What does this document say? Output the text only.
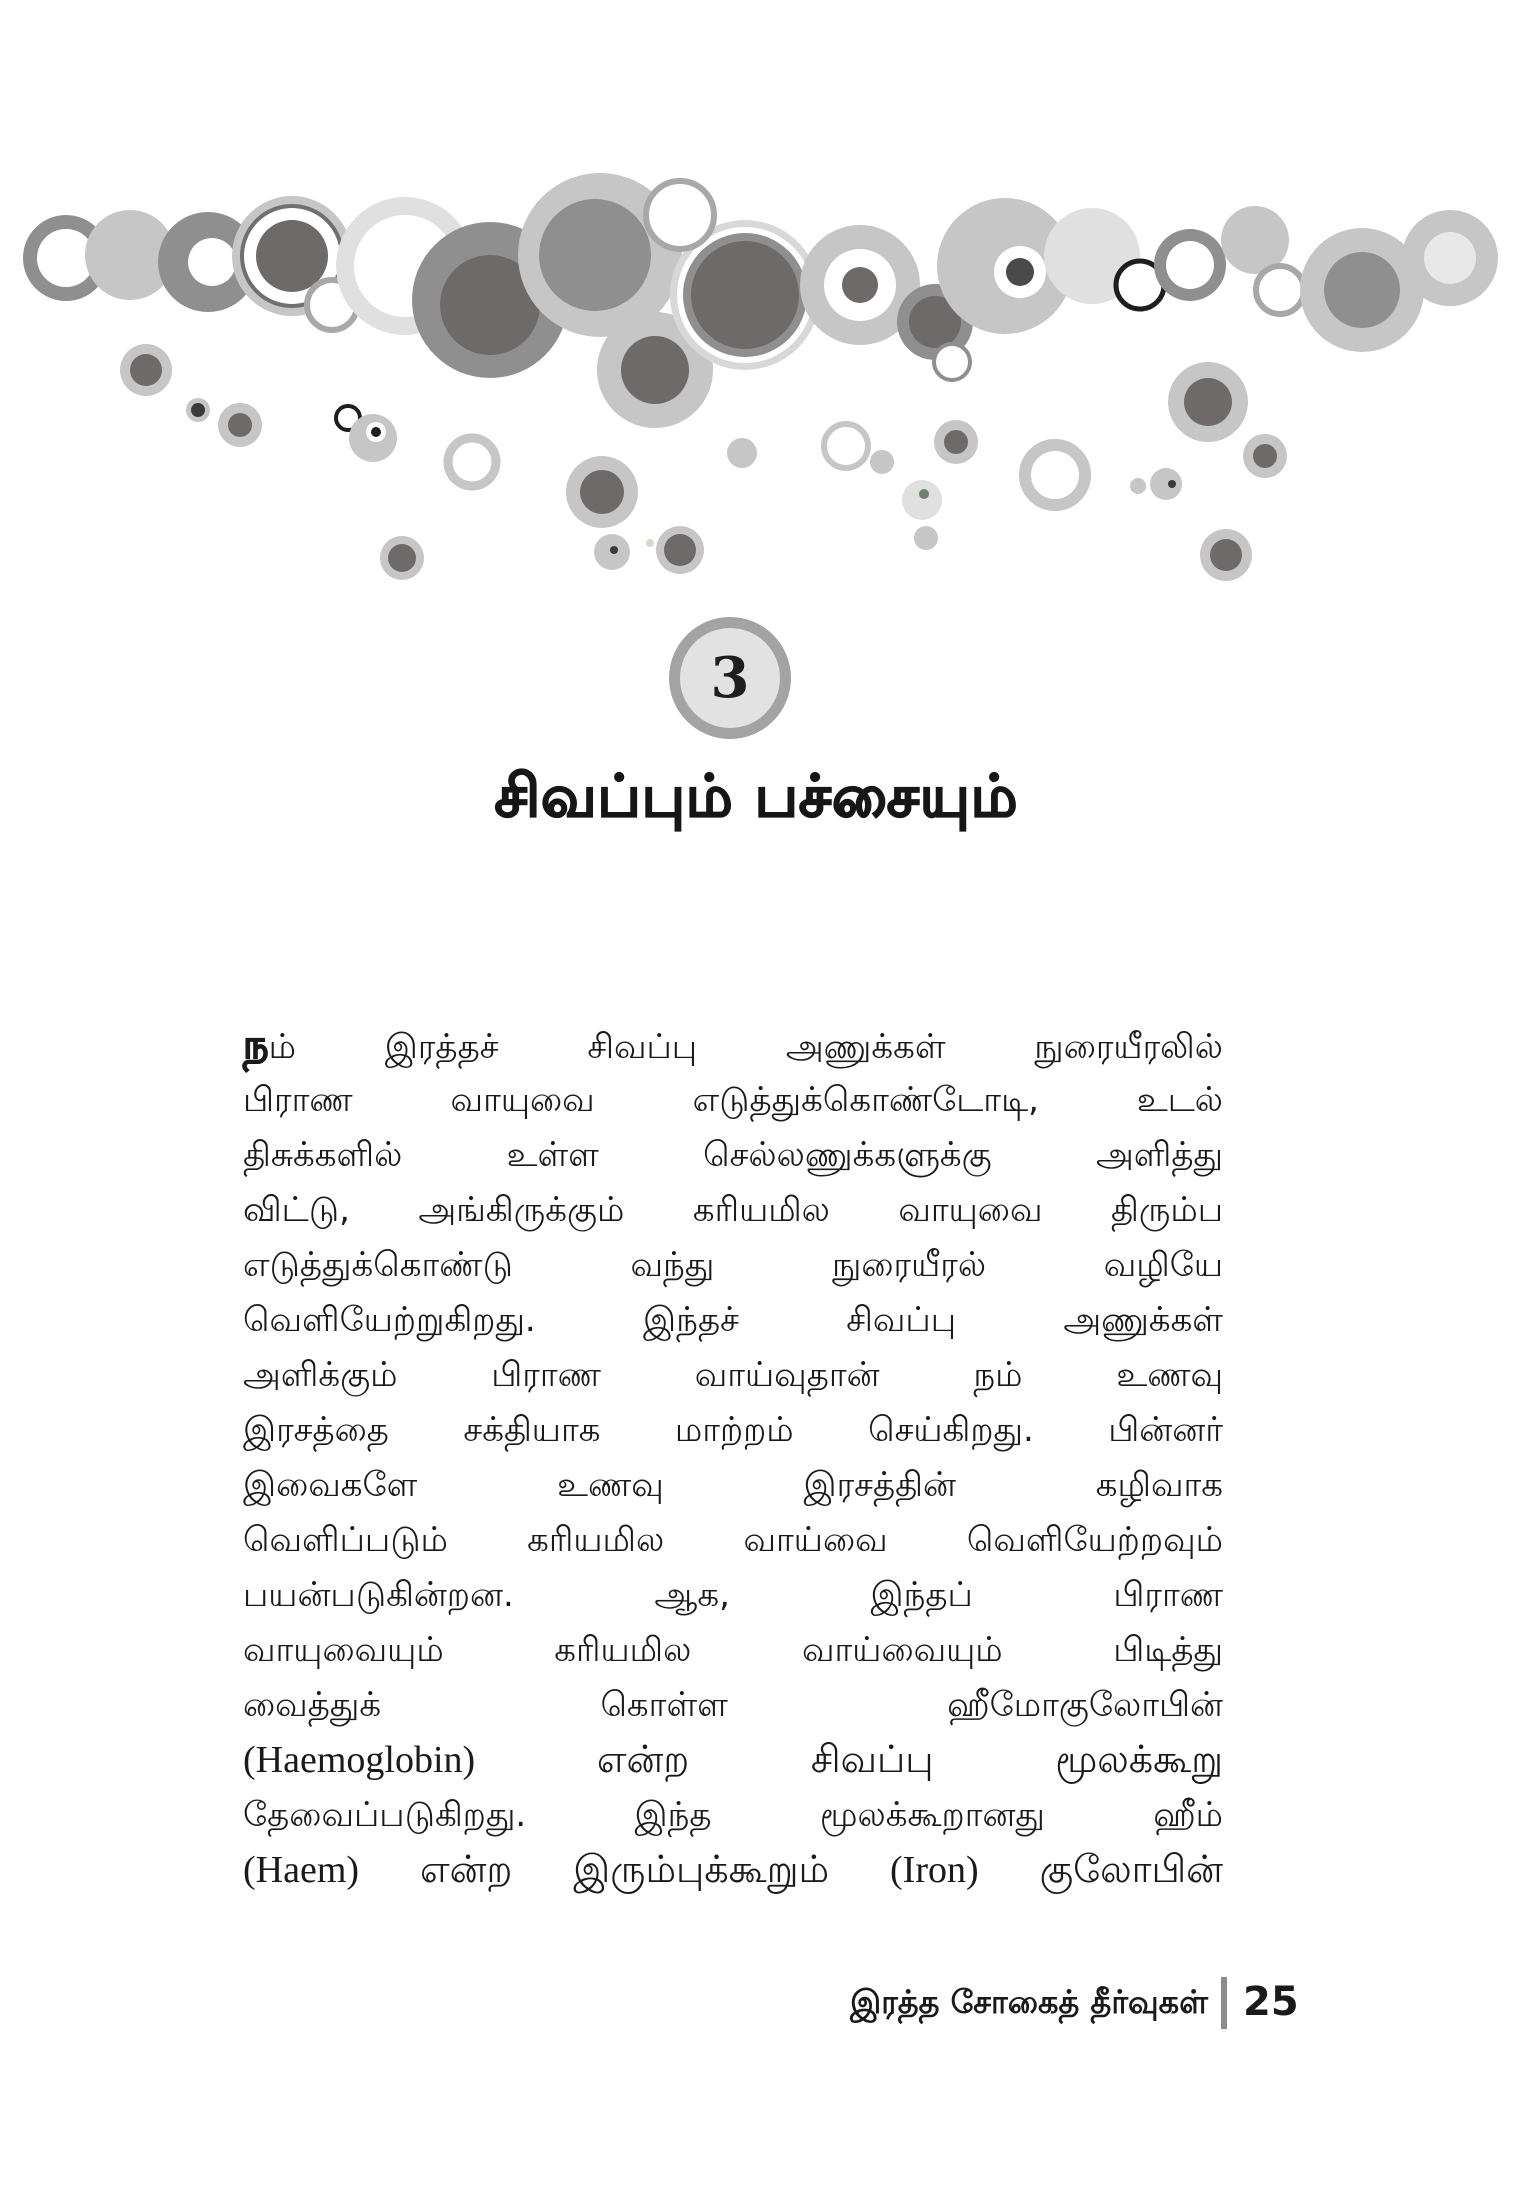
3
சிவப்பும் பச்சையும்
நம் இரத்தச் சிவப்பு அணுக்கள் நுரையீரலில்
பிராண வாயுவை எடுத்துக்கொண்டோடி, உடல்
திசுக்களில் உள்ள செல்லணுக்களுக்கு அளித்து
விட்டு, அங்கிருக்கும் கரியமில வாயுவை திரும்ப
எடுத்துக்கொண்டு வந்து நுரையீரல் வழியே
வெளியேற்றுகிறது. இந்தச் சிவப்பு அணுக்கள்
அளிக்கும் பிராண வாய்வுதான் நம் உணவு
இரசத்தை சக்தியாக மாற்றம் செய்கிறது. பின்னர்
இவைகளே உணவு இரசத்தின் கழிவாக
வெளிப்படும் கரியமில வாய்வை வெளியேற்றவும்
பயன்படுகின்றன. ஆக, இந்தப் பிராண
வாயுவையும் கரியமில வாய்வையும் பிடித்து
வைத்துக் கொள்ள ஹீமோகுலோபின்
(Haemoglobin) என்ற சிவப்பு மூலக்கூறு
தேவைப்படுகிறது. இந்த மூலக்கூறானது ஹீம்
(Haem) என்ற இரும்புக்கூறும் (Iron) குலோபின்
இரத்த சோகைத் தீர்வுகள் 25
